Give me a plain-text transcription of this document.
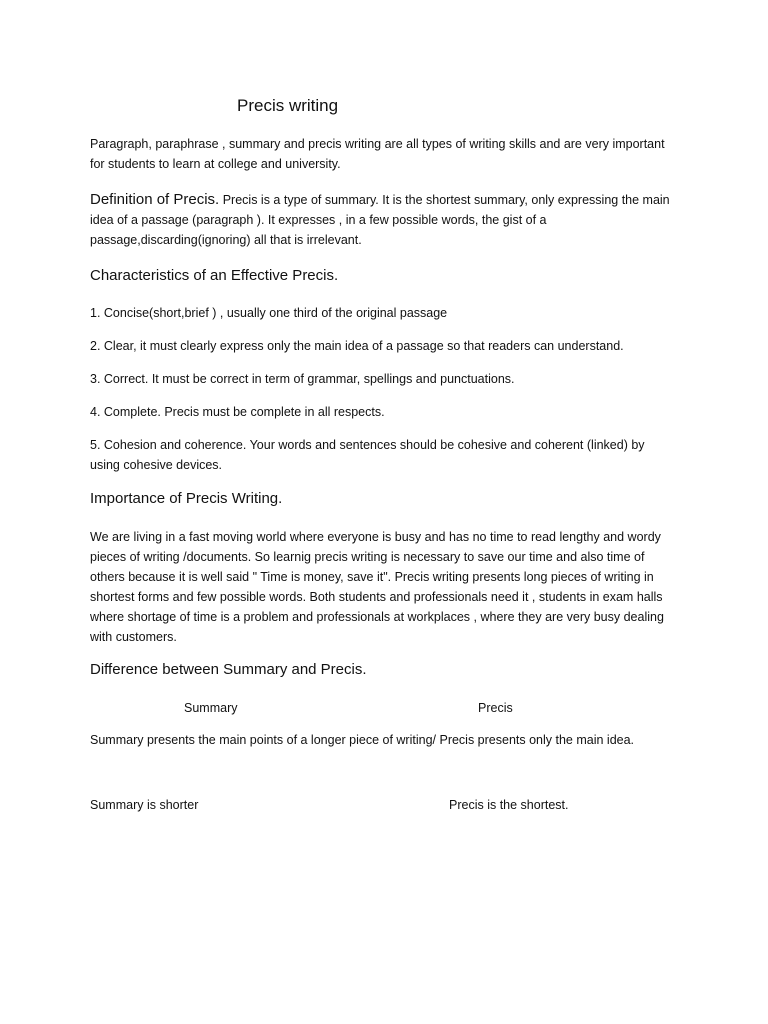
Precis writing
Paragraph, paraphrase , summary and precis writing are all types of writing skills and are very important for students to learn at college and university.
Definition of Precis. Precis is a type of summary. It is the shortest summary, only expressing the main idea of a passage (paragraph ). It expresses , in a few possible words, the gist of a passage,discarding(ignoring) all that is irrelevant.
Characteristics of an Effective Precis.
1. Concise(short,brief ) , usually one third of the original passage
2. Clear, it must clearly express only the main idea of a passage so that readers can understand.
3. Correct. It must be correct in term of grammar, spellings and punctuations.
4. Complete. Precis must be complete in all respects.
5. Cohesion and coherence. Your words and sentences should be cohesive and coherent (linked) by using cohesive devices.
Importance of Precis Writing.
We are living in a fast moving world where everyone is busy and has no time to read lengthy and wordy pieces of writing /documents. So learnig precis writing is necessary to save our time and also time of others because it is well said " Time is money, save it". Precis writing presents long pieces of writing in shortest forms and few possible words. Both students and professionals need it , students in exam halls where shortage of time is a problem and professionals at workplaces , where they are very busy dealing with customers.
Difference between Summary and Precis.
Summary	Precis
Summary presents the main points of a longer piece of writing/ Precis presents only the main idea.
Summary is shorter	Precis is the shortest.
